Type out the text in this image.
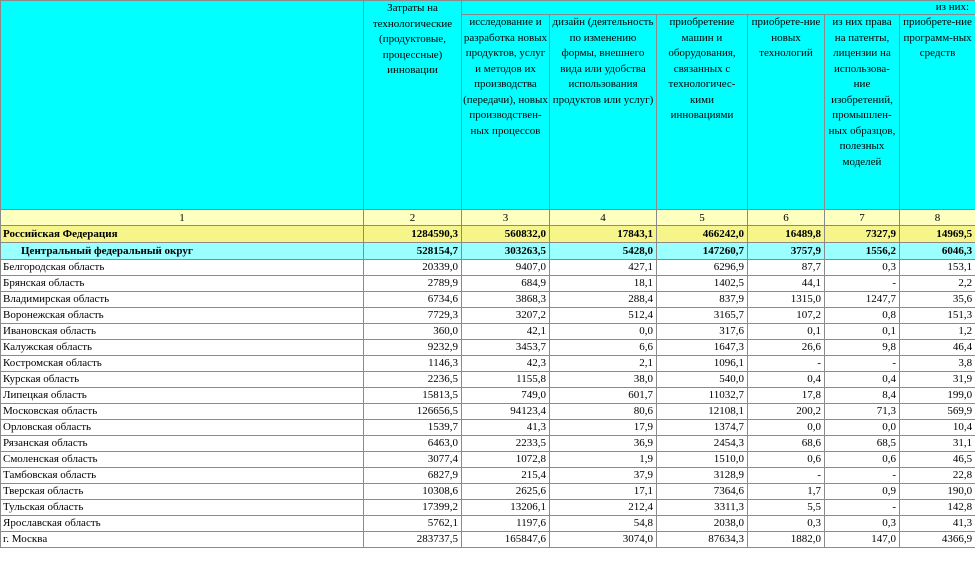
	Затраты на технологические (продуктовые, процессные) инновации	из них:					
		исследование и разработка новых продуктов, услуг и методов их производства (передачи), новых производствен-ных процессов	дизайн (деятельность по изменению формы, внешнего вида или удобства использования продуктов или услуг)	приобретение машин и оборудования, связанных с технологичес-кими инновациями	приобрете-ние новых технологий	из них права на патенты, лицензии на использова-ние изобретений, промышлен-ных образцов, полезных моделей	приобрете-ние программ-ных средств
1	2	3	4	5	6	7	8
Российская Федерация	1284590,3	560832,0	17843,1	466242,0	16489,8	7327,9	14969,5
Центральный федеральный округ	528154,7	303263,5	5428,0	147260,7	3757,9	1556,2	6046,3
Белгородская область	20339,0	9407,0	427,1	6296,9	87,7	0,3	153,1
Брянская область	2789,9	684,9	18,1	1402,5	44,1	-	2,2
Владимирская область	6734,6	3868,3	288,4	837,9	1315,0	1247,7	35,6
Воронежская область	7729,3	3207,2	512,4	3165,7	107,2	0,8	151,3
Ивановская область	360,0	42,1	0,0	317,6	0,1	0,1	1,2
Калужская область	9232,9	3453,7	6,6	1647,3	26,6	9,8	46,4
Костромская область	1146,3	42,3	2,1	1096,1	-	-	3,8
Курская область	2236,5	1155,8	38,0	540,0	0,4	0,4	31,9
Липецкая область	15813,5	749,0	601,7	11032,7	17,8	8,4	199,0
Московская область	126656,5	94123,4	80,6	12108,1	200,2	71,3	569,9
Орловская область	1539,7	41,3	17,9	1374,7	0,0	0,0	10,4
Рязанская область	6463,0	2233,5	36,9	2454,3	68,6	68,5	31,1
Смоленская область	3077,4	1072,8	1,9	1510,0	0,6	0,6	46,5
Тамбовская область	6827,9	215,4	37,9	3128,9	-	-	22,8
Тверская область	10308,6	2625,6	17,1	7364,6	1,7	0,9	190,0
Тульская область	17399,2	13206,1	212,4	3311,3	5,5	-	142,8
Ярославская область	5762,1	1197,6	54,8	2038,0	0,3	0,3	41,3
г. Москва	283737,5	165847,6	3074,0	87634,3	1882,0	147,0	4366,9
